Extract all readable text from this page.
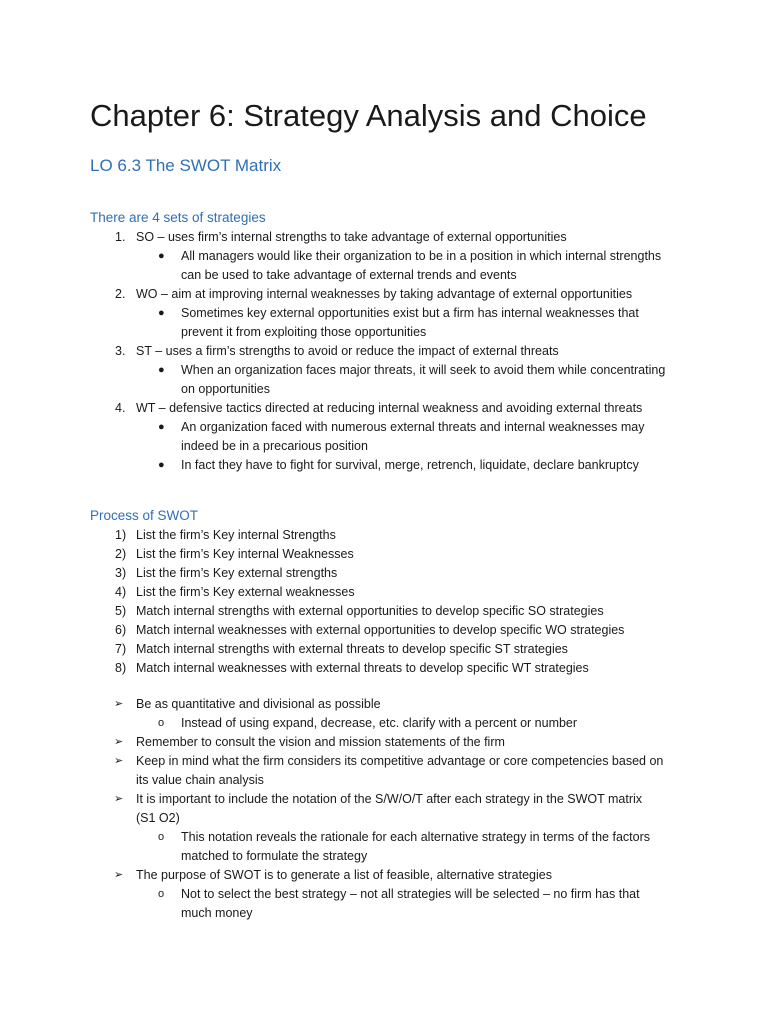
Chapter 6: Strategy Analysis and Choice
LO 6.3 The SWOT Matrix
There are 4 sets of strategies
1. SO – uses firm’s internal strengths to take advantage of external opportunities
● All managers would like their organization to be in a position in which internal strengths
can be used to take advantage of external trends and events
2. WO – aim at improving internal weaknesses by taking advantage of external opportunities
● Sometimes key external opportunities exist but a firm has internal weaknesses that
prevent it from exploiting those opportunities
3. ST – uses a firm’s strengths to avoid or reduce the impact of external threats
● When an organization faces major threats, it will seek to avoid them while concentrating
on opportunities
4. WT – defensive tactics directed at reducing internal weakness and avoiding external threats
● An organization faced with numerous external threats and internal weaknesses may
indeed be in a precarious position
● In fact they have to fight for survival, merge, retrench, liquidate, declare bankruptcy
Process of SWOT
1) List the firm’s Key internal Strengths
2) List the firm’s Key internal Weaknesses
3) List the firm’s Key external strengths
4) List the firm’s Key external weaknesses
5) Match internal strengths with external opportunities to develop specific SO strategies
6) Match internal weaknesses with external opportunities to develop specific WO strategies
7) Match internal strengths with external threats to develop specific ST strategies
8) Match internal weaknesses with external threats to develop specific WT strategies
➢	Be as quantitative and divisional as possible
o Instead of using expand, decrease, etc. clarify with a percent or number
➢	Remember to consult the vision and mission statements of the firm
➢	Keep in mind what the firm considers its competitive advantage or core competencies based on
its value chain analysis
➢	It is important to include the notation of the S/W/O/T after each strategy in the SWOT matrix
(S1 O2)
o This notation reveals the rationale for each alternative strategy in terms of the factors
matched to formulate the strategy
➢	The purpose of SWOT is to generate a list of feasible, alternative strategies
o Not to select the best strategy – not all strategies will be selected – no firm has that
much money
